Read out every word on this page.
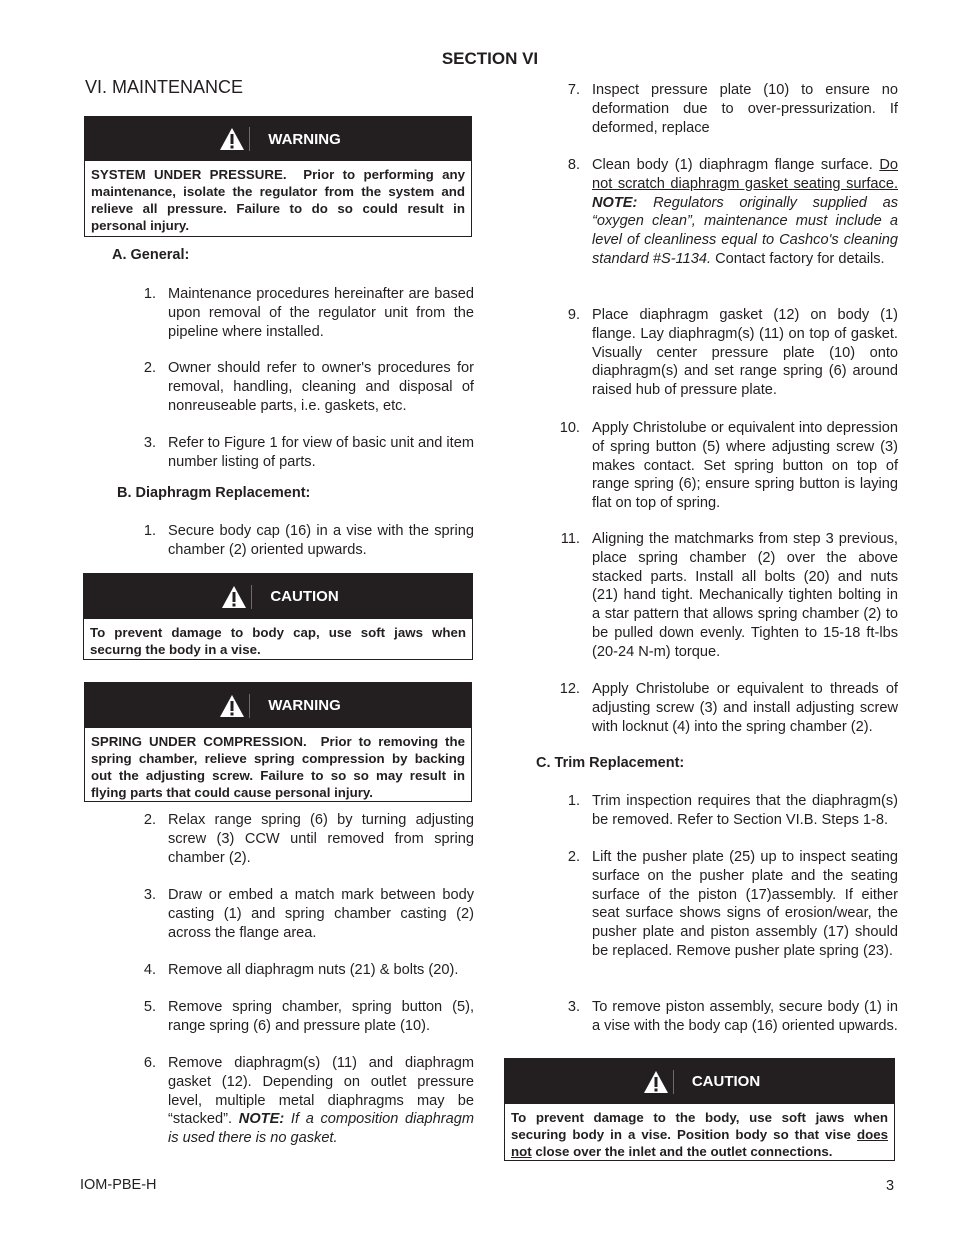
SECTION VI
VI. MAINTENANCE
WARNING
SYSTEM UNDER PRESSURE. Prior to performing any maintenance, isolate the regulator from the system and relieve all pressure. Failure to do so could result in personal injury.
A. General:
1. Maintenance procedures hereinafter are based upon removal of the regulator unit from the pipeline where installed.
2. Owner should refer to owner's procedures for removal, handling, cleaning and disposal of nonreuseable parts, i.e. gaskets, etc.
3. Refer to Figure 1 for view of basic unit and item number listing of parts.
B. Diaphragm Replacement:
1. Secure body cap (16) in a vise with the spring chamber (2) oriented upwards.
CAUTION
To prevent damage to body cap, use soft jaws when securng the body in a vise.
WARNING
SPRING UNDER COMPRESSION. Prior to removing the spring chamber, relieve spring compression by backing out the adjusting screw. Failure to so so may result in flying parts that could cause personal injury.
2. Relax range spring (6) by turning adjusting screw (3) CCW until removed from spring chamber (2).
3. Draw or embed a match mark between body casting (1) and spring chamber casting (2) across the flange area.
4. Remove all diaphragm nuts (21) & bolts (20).
5. Remove spring chamber, spring button (5), range spring (6) and pressure plate (10).
6. Remove diaphragm(s) (11) and diaphragm gasket (12). Depending on outlet pressure level, multiple metal diaphragms may be “stacked”. NOTE: If a composition diaphragm is used there is no gasket.
7. Inspect pressure plate (10) to ensure no deformation due to over-pressurization. If deformed, replace
8. Clean body (1) diaphragm flange surface. Do not scratch diaphragm gasket seating surface. NOTE: Regulators originally supplied as “oxygen clean”, maintenance must include a level of cleanliness equal to Cashco's cleaning standard #S-1134. Contact factory for details.
9. Place diaphragm gasket (12) on body (1) flange. Lay diaphragm(s) (11) on top of gasket. Visually center pressure plate (10) onto diaphragm(s) and set range spring (6) around raised hub of pressure plate.
10. Apply Christolube or equivalent into depression of spring button (5) where adjusting screw (3) makes contact. Set spring button on top of range spring (6); ensure spring button is laying flat on top of spring.
11. Aligning the matchmarks from step 3 previous, place spring chamber (2) over the above stacked parts. Install all bolts (20) and nuts (21) hand tight. Mechanically tighten bolting in a star pattern that allows spring chamber (2) to be pulled down evenly. Tighten to 15-18 ft-lbs (20-24 N-m) torque.
12. Apply Christolube or equivalent to threads of adjusting screw (3) and install adjusting screw with locknut (4) into the spring chamber (2).
C. Trim Replacement:
1. Trim inspection requires that the diaphragm(s) be removed. Refer to Section VI.B. Steps 1-8.
2. Lift the pusher plate (25) up to inspect seating surface on the pusher plate and the seating surface of the piston (17)assembly. If either seat surface shows signs of erosion/wear, the pusher plate and piston assembly (17) should be replaced. Remove pusher plate spring (23).
3. To remove piston assembly, secure body (1) in a vise with the body cap (16) oriented upwards.
CAUTION
To prevent damage to the body, use soft jaws when securing body in a vise. Position body so that vise does not close over the inlet and the outlet connections.
IOM-PBE-H	3
